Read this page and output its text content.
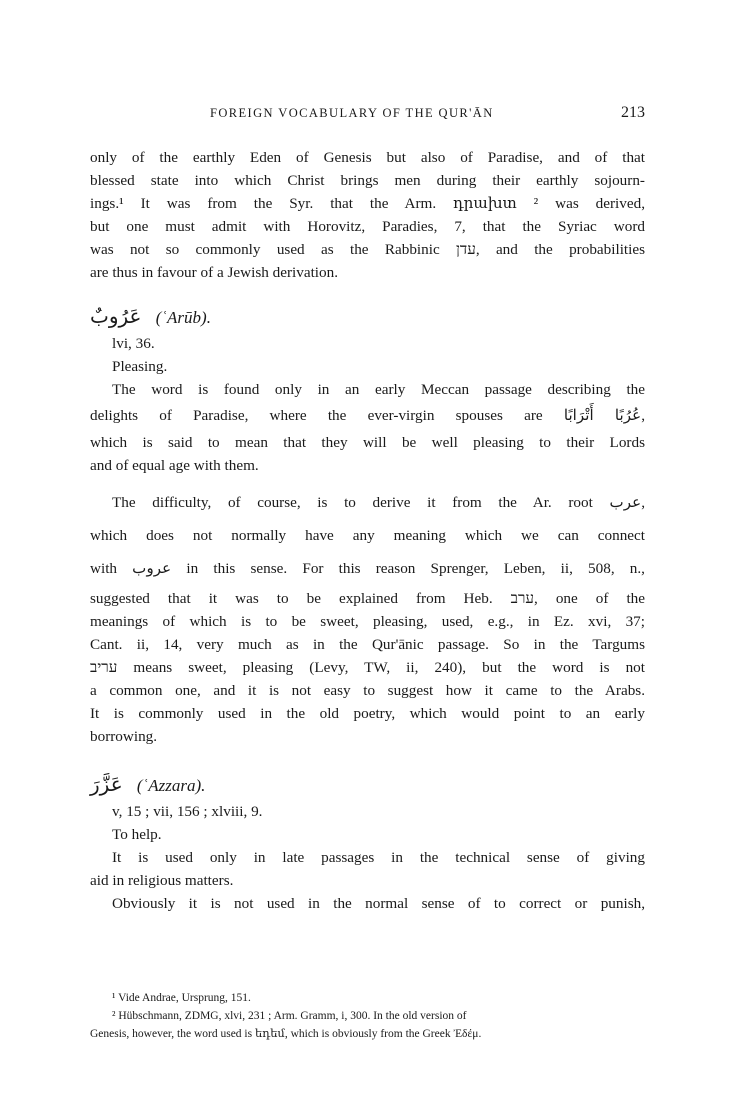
FOREIGN VOCABULARY OF THE QUR'ĀN	213
only of the earthly Eden of Genesis but also of Paradise, and of that
blessed state into which Christ brings men during their earthly sojourn-
ings.¹ It was from the Syr. that the Arm. դրախտ ² was derived,
but one must admit with Horovitz, Paradies, 7, that the Syriac word
was not so commonly used as the Rabbinic עדן, and the probabilities
are thus in favour of a Jewish derivation.
عَرُوبٌ (ʿArūb).
lvi, 36.
Pleasing.
The word is found only in an early Meccan passage describing the
delights of Paradise, where the ever-virgin spouses are عُرُبًا أَتْرَابًا,
which is said to mean that they will be well pleasing to their Lords
and of equal age with them.
The difficulty, of course, is to derive it from the Ar. root عرب,
which does not normally have any meaning which we can connect
with عروب in this sense. For this reason Sprenger, Leben, ii, 508, n.,
suggested that it was to be explained from Heb. ערב, one of the
meanings of which is to be sweet, pleasing, used, e.g., in Ez. xvi, 37;
Cant. ii, 14, very much as in the Qur'ānic passage. So in the Targums
עריב means sweet, pleasing (Levy, TW, ii, 240), but the word is not
a common one, and it is not easy to suggest how it came to the Arabs.
It is commonly used in the old poetry, which would point to an early
borrowing.
عَزَّرَ (ʿAzzara).
v, 15 ; vii, 156 ; xlviii, 9.
To help.
It is used only in late passages in the technical sense of giving
aid in religious matters.
Obviously it is not used in the normal sense of to correct or punish,
¹ Vide Andrae, Ursprung, 151.
² Hübschmann, ZDMG, xlvi, 231 ; Arm. Gramm, i, 300. In the old version of
Genesis, however, the word used is եդեմ, which is obviously from the Greek Ἐδέμ.
